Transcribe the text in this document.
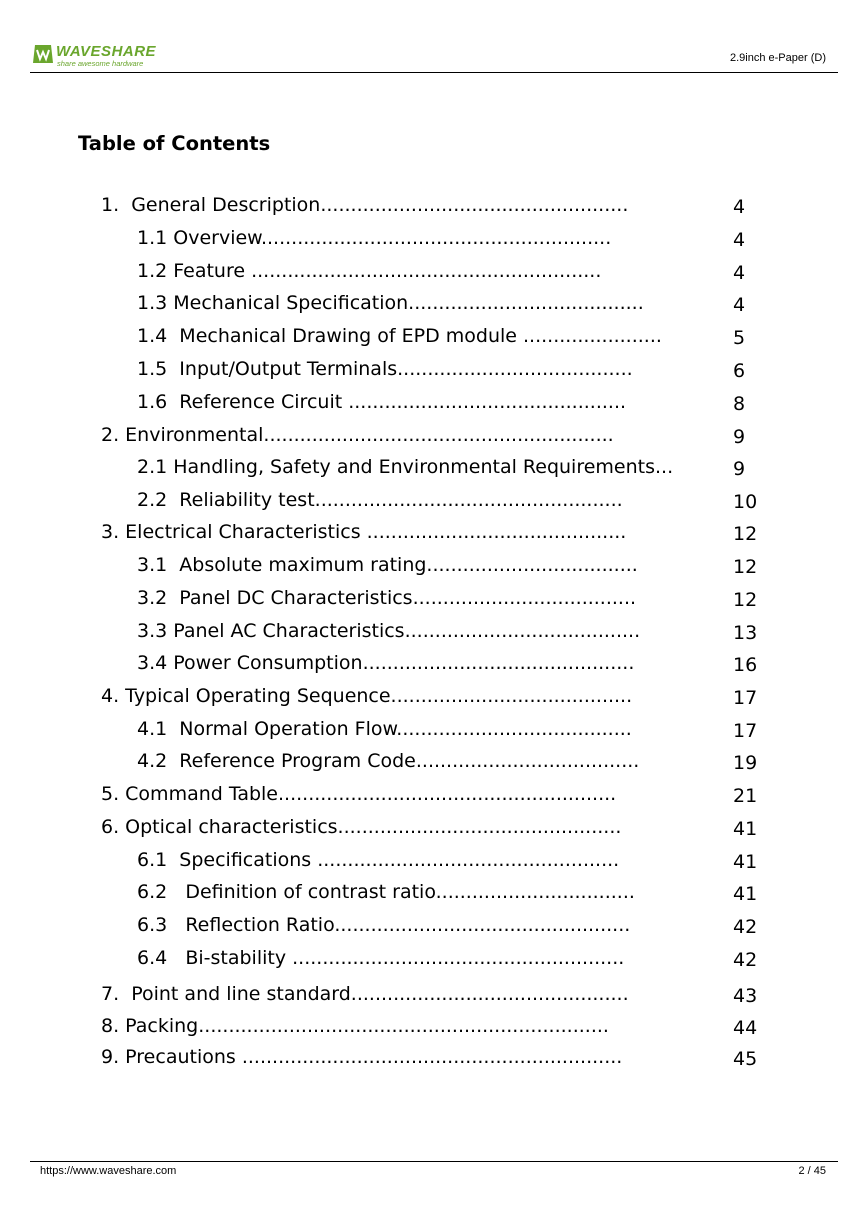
WAVESHARE
share awesome hardware	2.9inch e-Paper (D)
Table of Contents
1.  General Description...................................................	4
1.1 Overview..........................................................	4
1.2 Feature ..........................................................	4
1.3 Mechanical Specification.......................................	4
1.4  Mechanical Drawing of EPD module .......................	5
1.5  Input/Output Terminals.......................................	6
1.6  Reference Circuit ..............................................	8
2. Environmental..........................................................	9
2.1 Handling, Safety and Environmental Requirements...	9
2.2  Reliability test...................................................	10
3. Electrical Characteristics ...........................................	12
3.1  Absolute maximum rating...................................	12
3.2  Panel DC Characteristics.....................................	12
3.3 Panel AC Characteristics.......................................	13
3.4 Power Consumption.............................................	16
4. Typical Operating Sequence........................................	17
4.1  Normal Operation Flow.......................................	17
4.2  Reference Program Code.....................................	19
5. Command Table........................................................	21
6. Optical characteristics...............................................	41
6.1  Specifications ..................................................	41
6.2   Definition of contrast ratio.................................	41
6.3   Reflection Ratio.................................................	42
6.4   Bi-stability .......................................................	42
7.  Point and line standard..............................................	43
8. Packing....................................................................	44
9. Precautions ...............................................................	45
https://www.waveshare.com	2 / 45
